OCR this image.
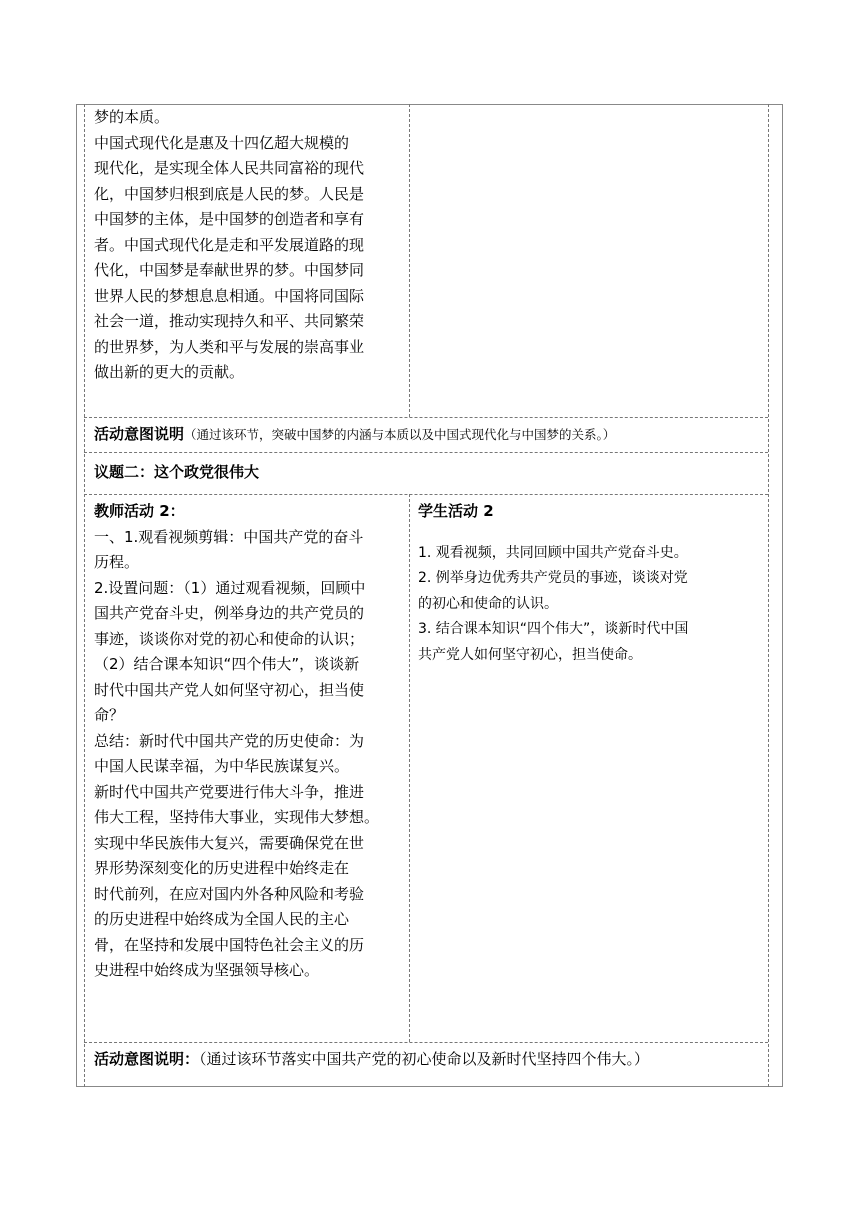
梦的本质。

中国式现代化是惠及十四亿超大规模的

现代化，是实现全体人民共同富裕的现代

化，中国梦归根到底是人民的梦。人民是

中国梦的主体，是中国梦的创造者和享有

者。中国式现代化是走和平发展道路的现

代化，中国梦是奉献世界的梦。中国梦同

世界人民的梦想息息相通。中国将同国际

社会一道，推动实现持久和平、共同繁荣

的世界梦，为人类和平与发展的崇高事业

做出新的更大的贡献。

活动意图说明（通过该环节，突破中国梦的内涵与本质以及中国式现代化与中国梦的关系。）
议题二：这个政党很伟大

教师活动 2：

一、1.观看视频剪辑：中国共产党的奋斗

历程。

2.设置问题：（1）通过观看视频，回顾中

国共产党奋斗史，例举身边的共产党员的

事迹，谈谈你对党的初心和使命的认识；

（2）结合课本知识“四个伟大”，谈谈新

时代中国共产党人如何坚守初心，担当使

命？

总结：新时代中国共产党的历史使命：为

中国人民谋幸福，为中华民族谋复兴。

新时代中国共产党要进行伟大斗争，推进

伟大工程，坚持伟大事业，实现伟大梦想。

实现中华民族伟大复兴，需要确保党在世

界形势深刻变化的历史进程中始终走在

时代前列，在应对国内外各种风险和考验

的历史进程中始终成为全国人民的主心

骨，在坚持和发展中国特色社会主义的历

史进程中始终成为坚强领导核心。

学生活动 2

1. 观看视频，共同回顾中国共产党奋斗史。

2. 例举身边优秀共产党员的事迹，谈谈对党

的初心和使命的认识。

3. 结合课本知识“四个伟大”，谈新时代中国

共产党人如何坚守初心，担当使命。

活动意图说明：（通过该环节落实中国共产党的初心使命以及新时代坚持四个伟大。）
